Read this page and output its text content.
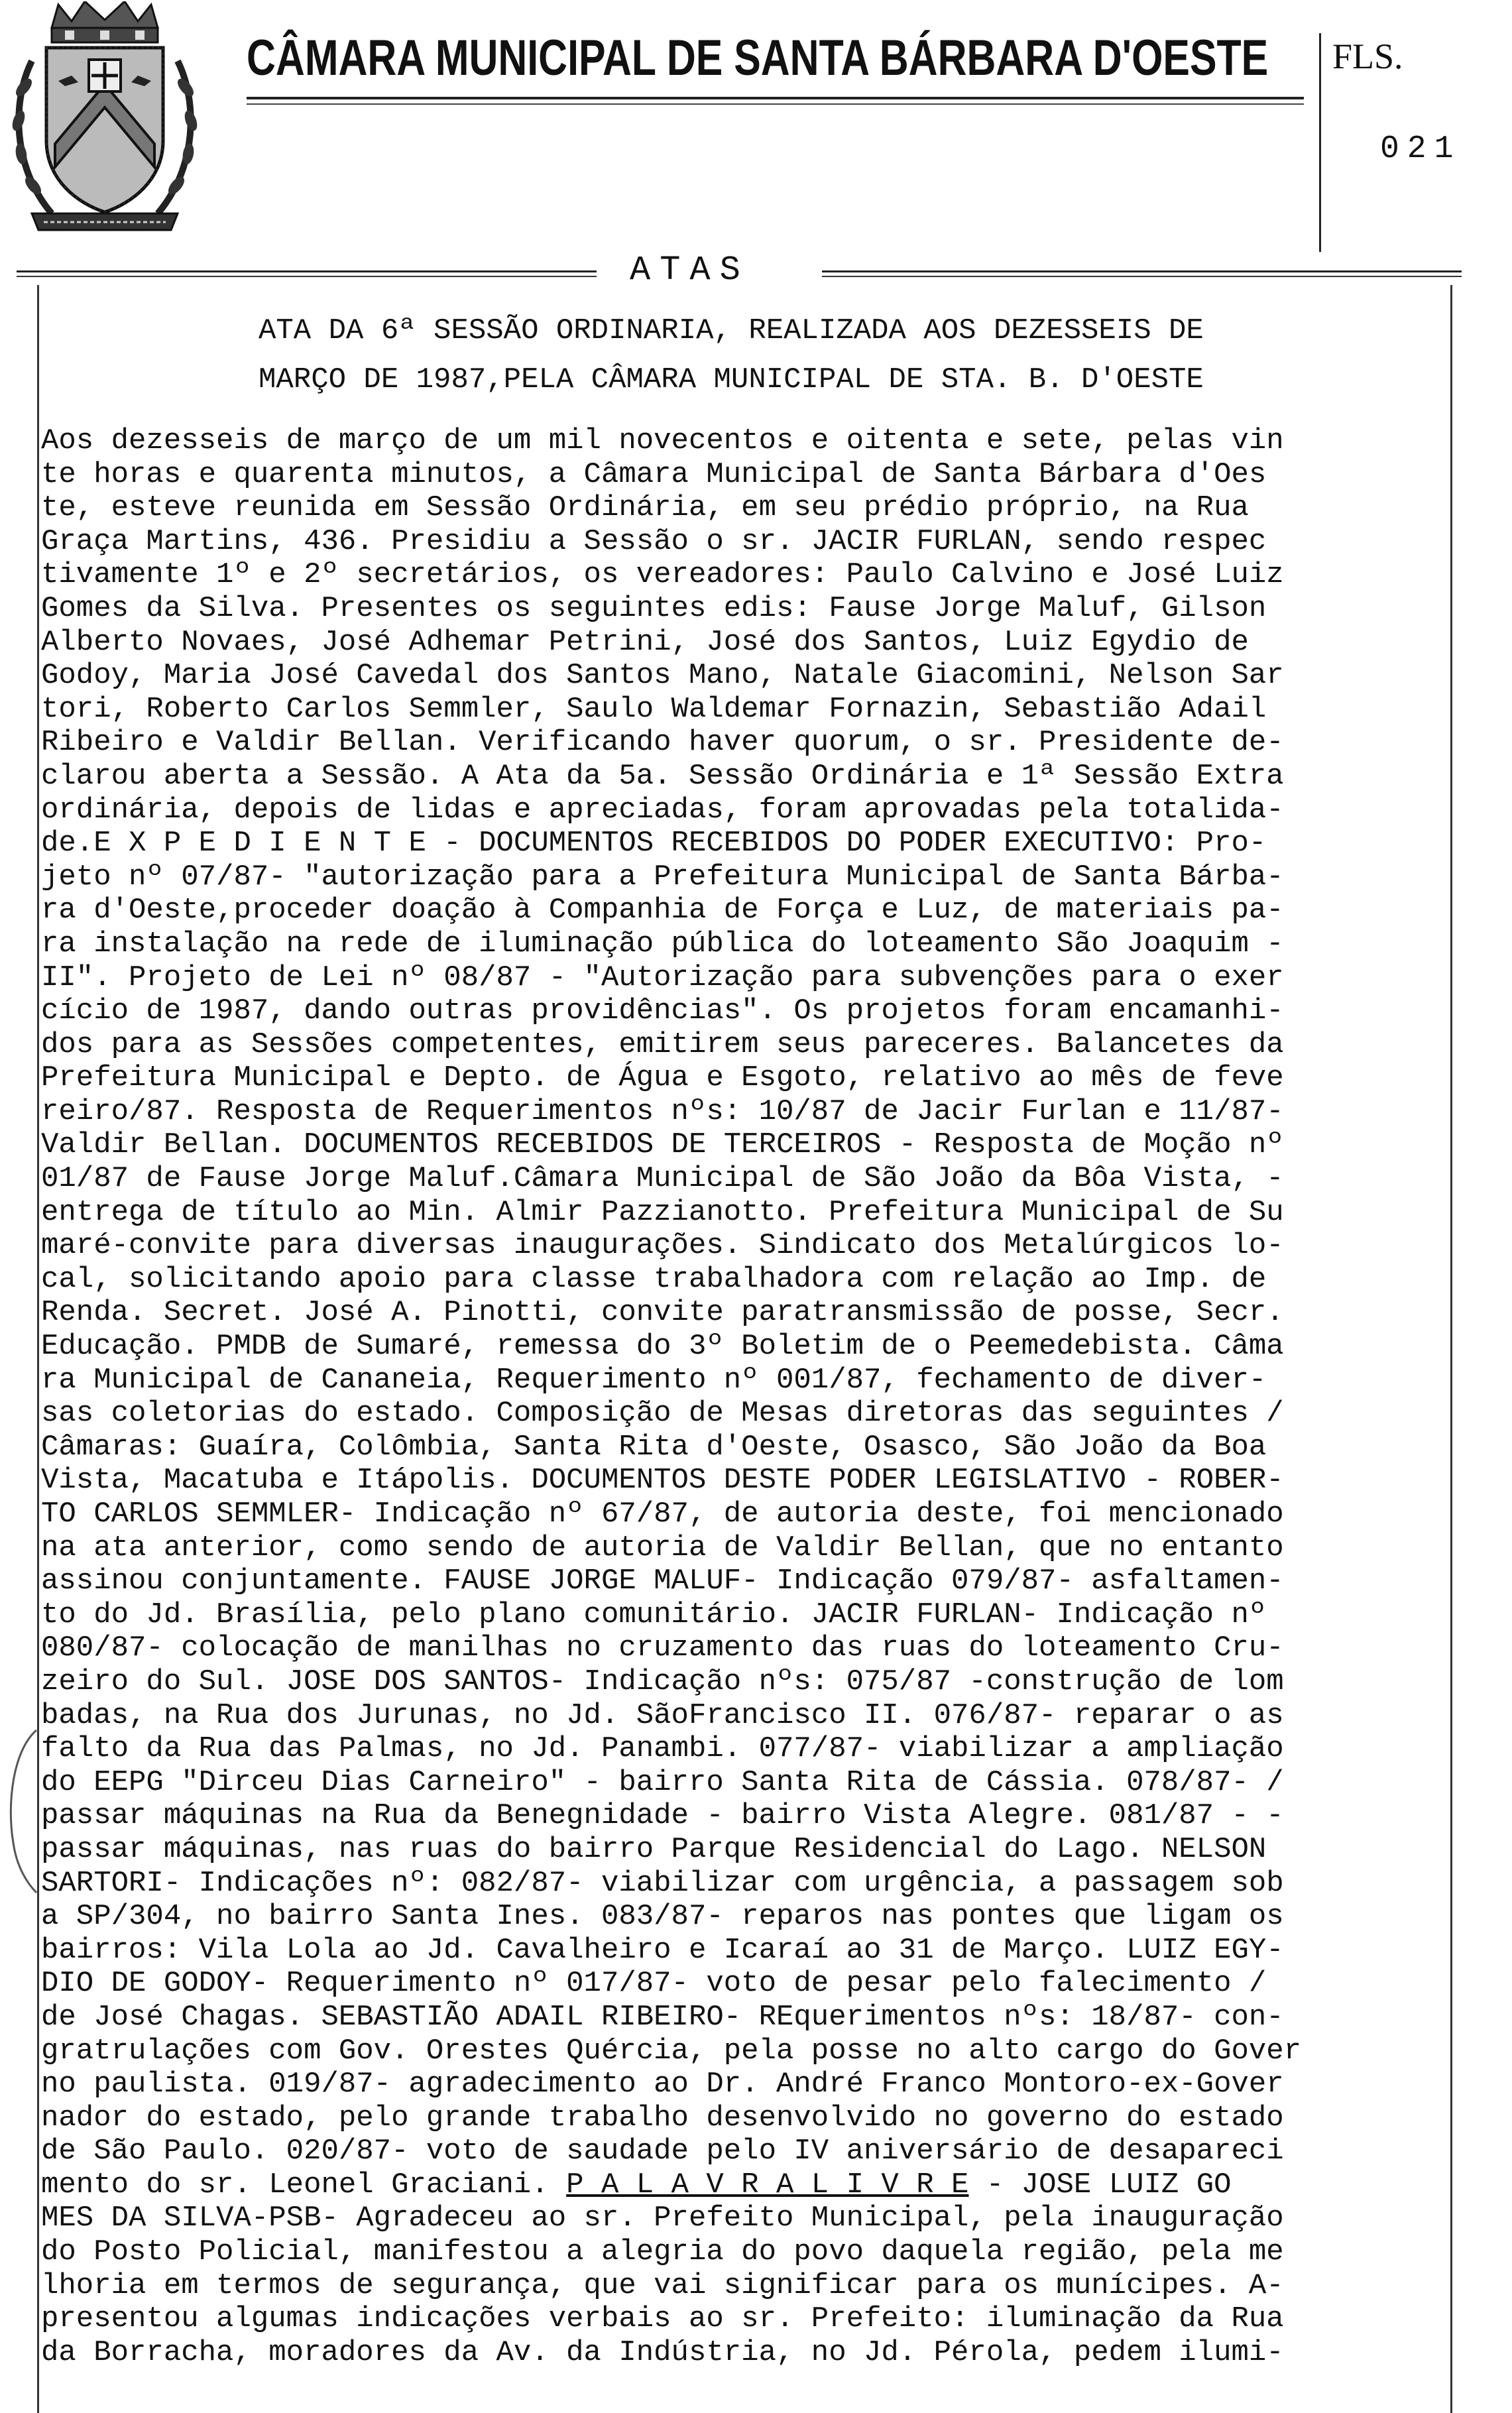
CÂMARA MUNICIPAL DE SANTA BÁRBARA D'OESTE FLS.
021
ATAS
ATA DA 6ª SESSÃO ORDINARIA, REALIZADA AOS DEZESSEIS DE
MARÇO DE 1987,PELA CÂMARA MUNICIPAL DE STA. B. D'OESTE
Aos dezesseis de março de um mil novecentos e oitenta e sete, pelas vin
te horas e quarenta minutos, a Câmara Municipal de Santa Bárbara d'Oes
te, esteve reunida em Sessão Ordinária, em seu prédio próprio, na Rua
Graça Martins, 436. Presidiu a Sessão o sr. JACIR FURLAN, sendo respec
tivamente 1º e 2º secretários, os vereadores: Paulo Calvino e José Luiz
Gomes da Silva. Presentes os seguintes edis: Fause Jorge Maluf, Gilson
Alberto Novaes, José Adhemar Petrini, José dos Santos, Luiz Egydio de
Godoy, Maria José Cavedal dos Santos Mano, Natale Giacomini, Nelson Sar
tori, Roberto Carlos Semmler, Saulo Waldemar Fornazin, Sebastião Adail
Ribeiro e Valdir Bellan. Verificando haver quorum, o sr. Presidente de-
clarou aberta a Sessão. A Ata da 5a. Sessão Ordinária e 1ª Sessão Extra
ordinária, depois de lidas e apreciadas, foram aprovadas pela totalida-
de.E X P E D I E N T E - DOCUMENTOS RECEBIDOS DO PODER EXECUTIVO: Pro-
jeto nº 07/87- "autorização para a Prefeitura Municipal de Santa Bárba-
ra d'Oeste,proceder doação à Companhia de Força e Luz, de materiais pa-
ra instalação na rede de iluminação pública do loteamento São Joaquim -
II". Projeto de Lei nº 08/87 - "Autorização para subvenções para o exer
cício de 1987, dando outras providências". Os projetos foram encamanhi-
dos para as Sessões competentes, emitirem seus pareceres. Balancetes da
Prefeitura Municipal e Depto. de Água e Esgoto, relativo ao mês de feve
reiro/87. Resposta de Requerimentos nºs: 10/87 de Jacir Furlan e 11/87-
Valdir Bellan. DOCUMENTOS RECEBIDOS DE TERCEIROS - Resposta de Moção nº
01/87 de Fause Jorge Maluf.Câmara Municipal de São João da Bôa Vista, -
entrega de título ao Min. Almir Pazzianotto. Prefeitura Municipal de Su
maré-convite para diversas inaugurações. Sindicato dos Metalúrgicos lo-
cal, solicitando apoio para classe trabalhadora com relação ao Imp. de
Renda. Secret. José A. Pinotti, convite paratransmissão de posse, Secr.
Educação. PMDB de Sumaré, remessa do 3º Boletim de o Peemedebista. Câma
ra Municipal de Cananeia, Requerimento nº 001/87, fechamento de diver-
sas coletorias do estado. Composição de Mesas diretoras das seguintes /
Câmaras: Guaíra, Colômbia, Santa Rita d'Oeste, Osasco, São João da Boa
Vista, Macatuba e Itápolis. DOCUMENTOS DESTE PODER LEGISLATIVO - ROBER-
TO CARLOS SEMMLER- Indicação nº 67/87, de autoria deste, foi mencionado
na ata anterior, como sendo de autoria de Valdir Bellan, que no entanto
assinou conjuntamente. FAUSE JORGE MALUF- Indicação 079/87- asfaltamen-
to do Jd. Brasília, pelo plano comunitário. JACIR FURLAN- Indicação nº
080/87- colocação de manilhas no cruzamento das ruas do loteamento Cru-
zeiro do Sul. JOSE DOS SANTOS- Indicação nºs: 075/87 -construção de lom
badas, na Rua dos Jurunas, no Jd. SãoFrancisco II. 076/87- reparar o as
falto da Rua das Palmas, no Jd. Panambi. 077/87- viabilizar a ampliação
do EEPG "Dirceu Dias Carneiro" - bairro Santa Rita de Cássia. 078/87- /
passar máquinas na Rua da Benegnidade - bairro Vista Alegre. 081/87 - -
passar máquinas, nas ruas do bairro Parque Residencial do Lago. NELSON
SARTORI- Indicações nº: 082/87- viabilizar com urgência, a passagem sob
a SP/304, no bairro Santa Ines. 083/87- reparos nas pontes que ligam os
bairros: Vila Lola ao Jd. Cavalheiro e Icaraí ao 31 de Março. LUIZ EGY-
DIO DE GODOY- Requerimento nº 017/87- voto de pesar pelo falecimento /
de José Chagas. SEBASTIÃO ADAIL RIBEIRO- REquerimentos nºs: 18/87- con-
gratrulações com Gov. Orestes Quércia, pela posse no alto cargo do Gover
no paulista. 019/87- agradecimento ao Dr. André Franco Montoro-ex-Gover
nador do estado, pelo grande trabalho desenvolvido no governo do estado
de São Paulo. 020/87- voto de saudade pelo IV aniversário de desapareci
mento do sr. Leonel Graciani. P A L A V R A L I V R E - JOSE LUIZ GO
MES DA SILVA-PSB- Agradeceu ao sr. Prefeito Municipal, pela inauguração
do Posto Policial, manifestou a alegria do povo daquela região, pela me
lhoria em termos de segurança, que vai significar para os munícipes. A-
presentou algumas indicações verbais ao sr. Prefeito: iluminação da Rua
da Borracha, moradores da Av. da Indústria, no Jd. Pérola, pedem ilumi-
